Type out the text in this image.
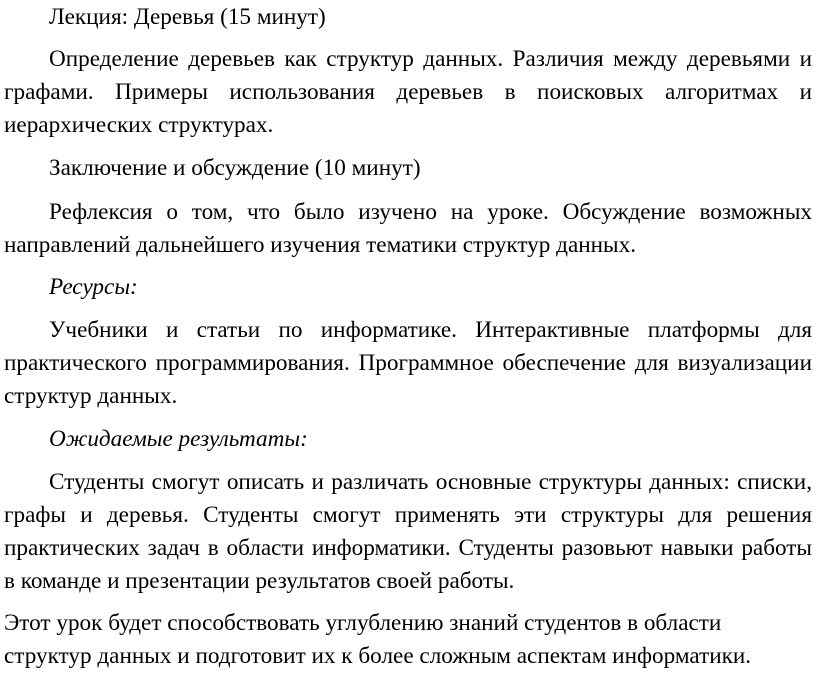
Лекция: Деревья (15 минут)

Определение деревьев как структур данных. Различия между деревьями и графами. Примеры использования деревьев в поисковых алгоритмах и иерархических структурах.

Заключение и обсуждение (10 минут)

Рефлексия о том, что было изучено на уроке. Обсуждение возможных направлений дальнейшего изучения тематики структур данных.

Ресурсы:

Учебники и статьи по информатике. Интерактивные платформы для практического программирования. Программное обеспечение для визуализации структур данных.

Ожидаемые результаты:

Студенты смогут описать и различать основные структуры данных: списки, графы и деревья. Студенты смогут применять эти структуры для решения практических задач в области информатики. Студенты разовьют навыки работы в команде и презентации результатов своей работы.

Этот урок будет способствовать углублению знаний студентов в области структур данных и подготовит их к более сложным аспектам информатики.
